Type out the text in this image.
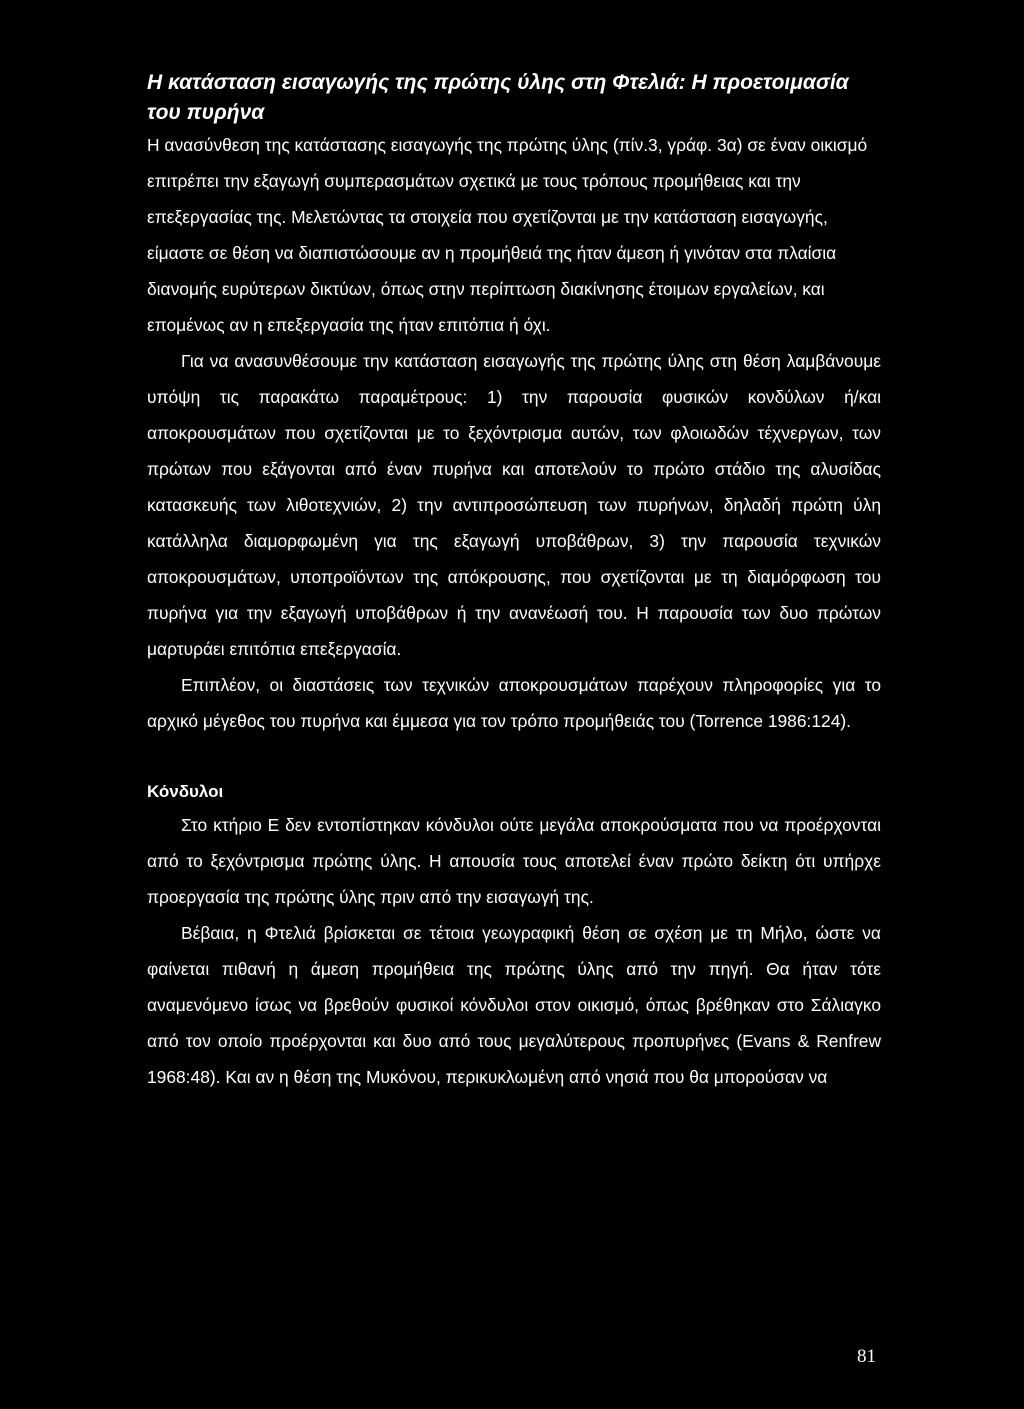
Η κατάσταση εισαγωγής της πρώτης ύλης στη Φτελιά: Η προετοιμασία του πυρήνα

Η ανασύνθεση της κατάστασης εισαγωγής της πρώτης ύλης (πίν.3, γράφ. 3α) σε έναν οικισμό επιτρέπει την εξαγωγή συμπερασμάτων σχετικά με τους τρόπους προμήθειας και την επεξεργασίας της. Μελετώντας τα στοιχεία που σχετίζονται με την κατάσταση εισαγωγής, είμαστε σε θέση να διαπιστώσουμε αν η προμήθειά της ήταν άμεση ή γινόταν στα πλαίσια διανομής ευρύτερων δικτύων, όπως στην περίπτωση διακίνησης έτοιμων εργαλείων, και επομένως αν η επεξεργασία της ήταν επιτόπια ή όχι.

Για να ανασυνθέσουμε την κατάσταση εισαγωγής της πρώτης ύλης στη θέση λαμβάνουμε υπόψη τις παρακάτω παραμέτρους: 1) την παρουσία φυσικών κονδύλων ή/και αποκρουσμάτων που σχετίζονται με το ξεχόντρισμα αυτών, των φλοιωδών τέχνεργων, των πρώτων που εξάγονται από έναν πυρήνα και αποτελούν το πρώτο στάδιο της αλυσίδας κατασκευής των λιθοτεχνιών, 2) την αντιπροσώπευση των πυρήνων, δηλαδή πρώτη ύλη κατάλληλα διαμορφωμένη για της εξαγωγή υποβάθρων, 3) την παρουσία τεχνικών αποκρουσμάτων, υποπροϊόντων της απόκρουσης, που σχετίζονται με τη διαμόρφωση του πυρήνα για την εξαγωγή υποβάθρων ή την ανανέωσή του. Η παρουσία των δυο πρώτων μαρτυράει επιτόπια επεξεργασία.

Επιπλέον, οι διαστάσεις των τεχνικών αποκρουσμάτων παρέχουν πληροφορίες για το αρχικό μέγεθος του πυρήνα και έμμεσα για τον τρόπο προμήθειάς του (Torrence 1986:124).

Κόνδυλοι

Στο κτήριο Ε δεν εντοπίστηκαν κόνδυλοι ούτε μεγάλα αποκρούσματα που να προέρχονται από το ξεχόντρισμα πρώτης ύλης. Η απουσία τους αποτελεί έναν πρώτο δείκτη ότι υπήρχε προεργασία της πρώτης ύλης πριν από την εισαγωγή της.

Βέβαια, η Φτελιά βρίσκεται σε τέτοια γεωγραφική θέση σε σχέση με τη Μήλο, ώστε να φαίνεται πιθανή η άμεση προμήθεια της πρώτης ύλης από την πηγή. Θα ήταν τότε αναμενόμενο ίσως να βρεθούν φυσικοί κόνδυλοι στον οικισμό, όπως βρέθηκαν στο Σάλιαγκο από τον οποίο προέρχονται και δυο από τους μεγαλύτερους προπυρήνες (Evans & Renfrew 1968:48). Και αν η θέση της Μυκόνου, περικυκλωμένη από νησιά που θα μπορούσαν να

81
